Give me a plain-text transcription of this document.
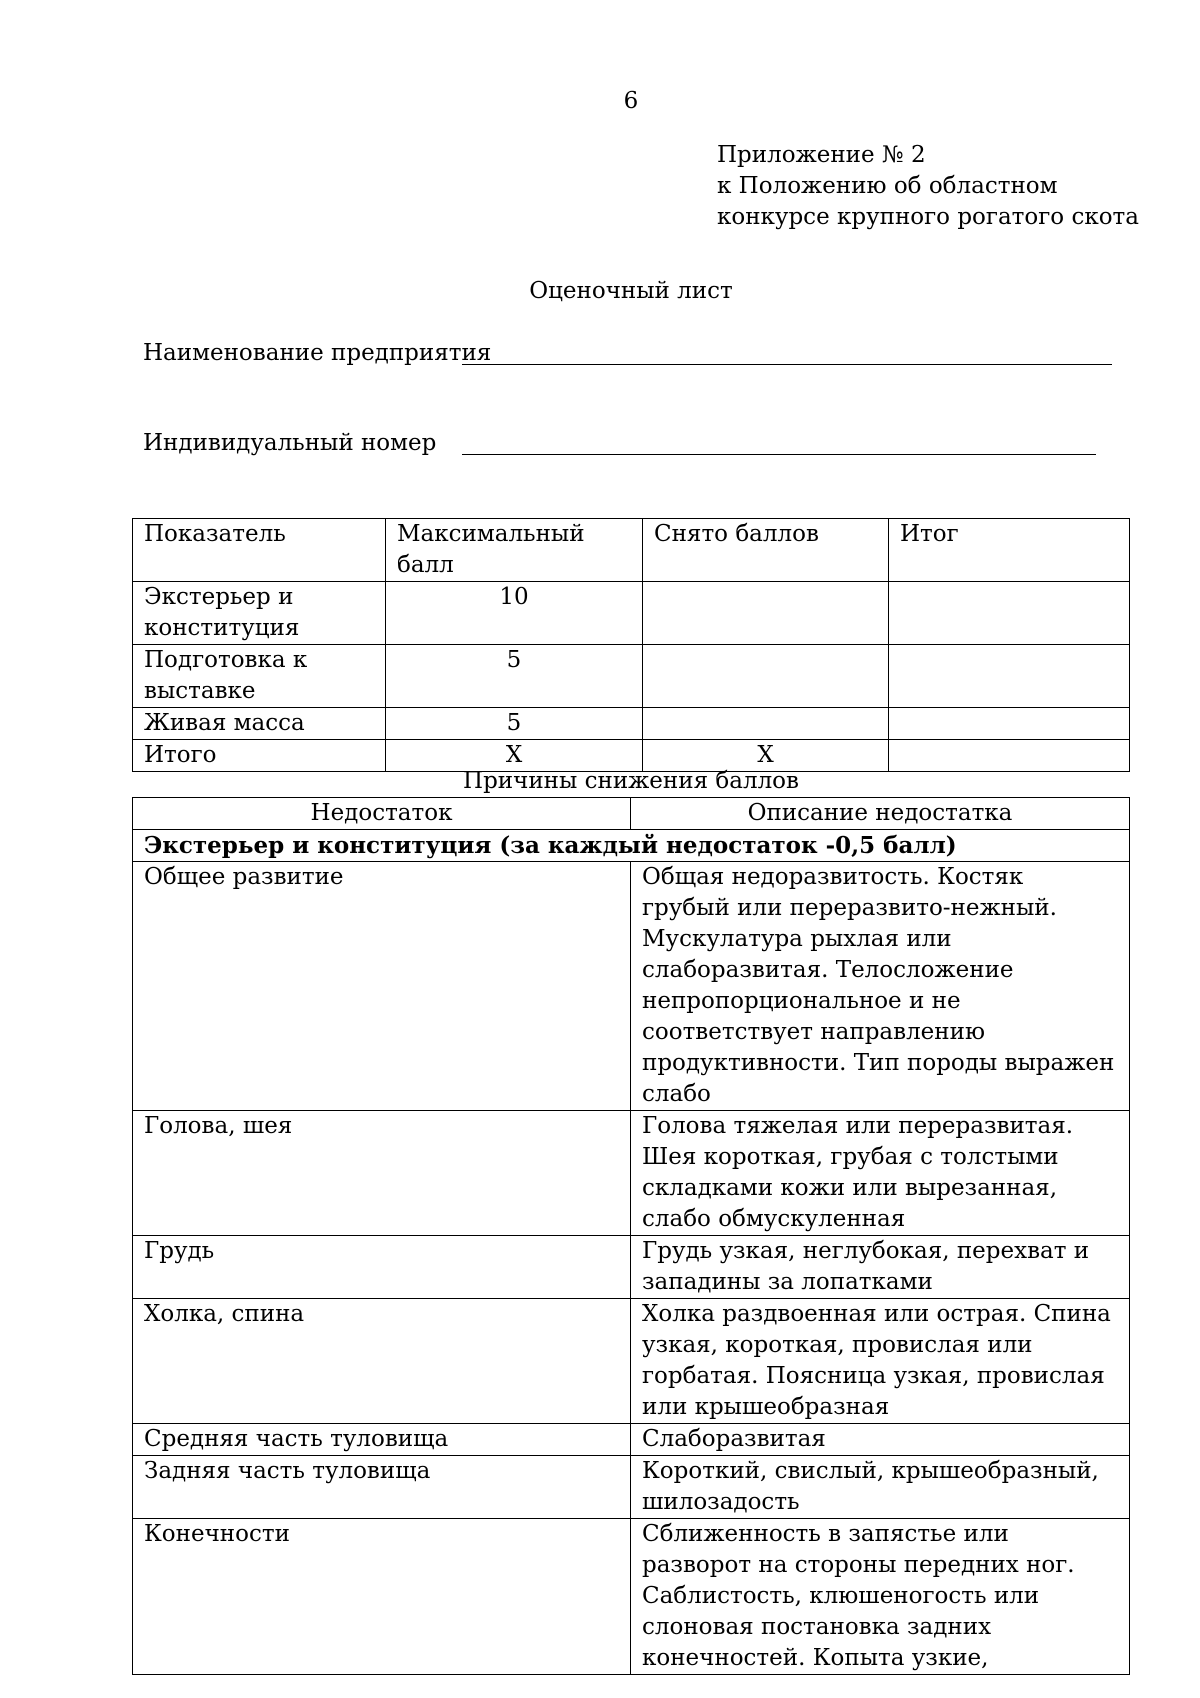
6
Приложение № 2
к Положению об областном
конкурсе крупного рогатого скота
Оценочный лист
Наименование предприятия
Индивидуальный номер
Показатель	Максимальный балл	Снято баллов	Итог
Экстерьер и конституция	10		
Подготовка к выставке	5		
Живая масса	5		
Итого	Х	Х	
Причины снижения баллов
Недостаток	Описание недостатка
Экстерьер и конституция (за каждый недостаток -0,5 балл)	
Общее развитие	Общая недоразвитость. Костяк грубый или переразвито-нежный. Мускулатура рыхлая или слаборазвитая. Телосложение непропорциональное и не соответствует направлению продуктивности. Тип породы выражен слабо
Голова, шея	Голова тяжелая или переразвитая. Шея короткая, грубая с толстыми складками кожи или вырезанная, слабо обмускуленная
Грудь	Грудь узкая, неглубокая, перехват и западины за лопатками
Холка, спина	Холка раздвоенная или острая. Спина узкая, короткая, провислая или горбатая. Поясница узкая, провислая или крышеобразная
Средняя часть туловища	Слаборазвитая
Задняя часть туловища	Короткий, свислый, крышеобразный, шилозадость
Конечности	Сближенность в запястье или разворот на стороны передних ног. Саблистость, клюшеногость или слоновая постановка задних конечностей. Копыта узкие,
